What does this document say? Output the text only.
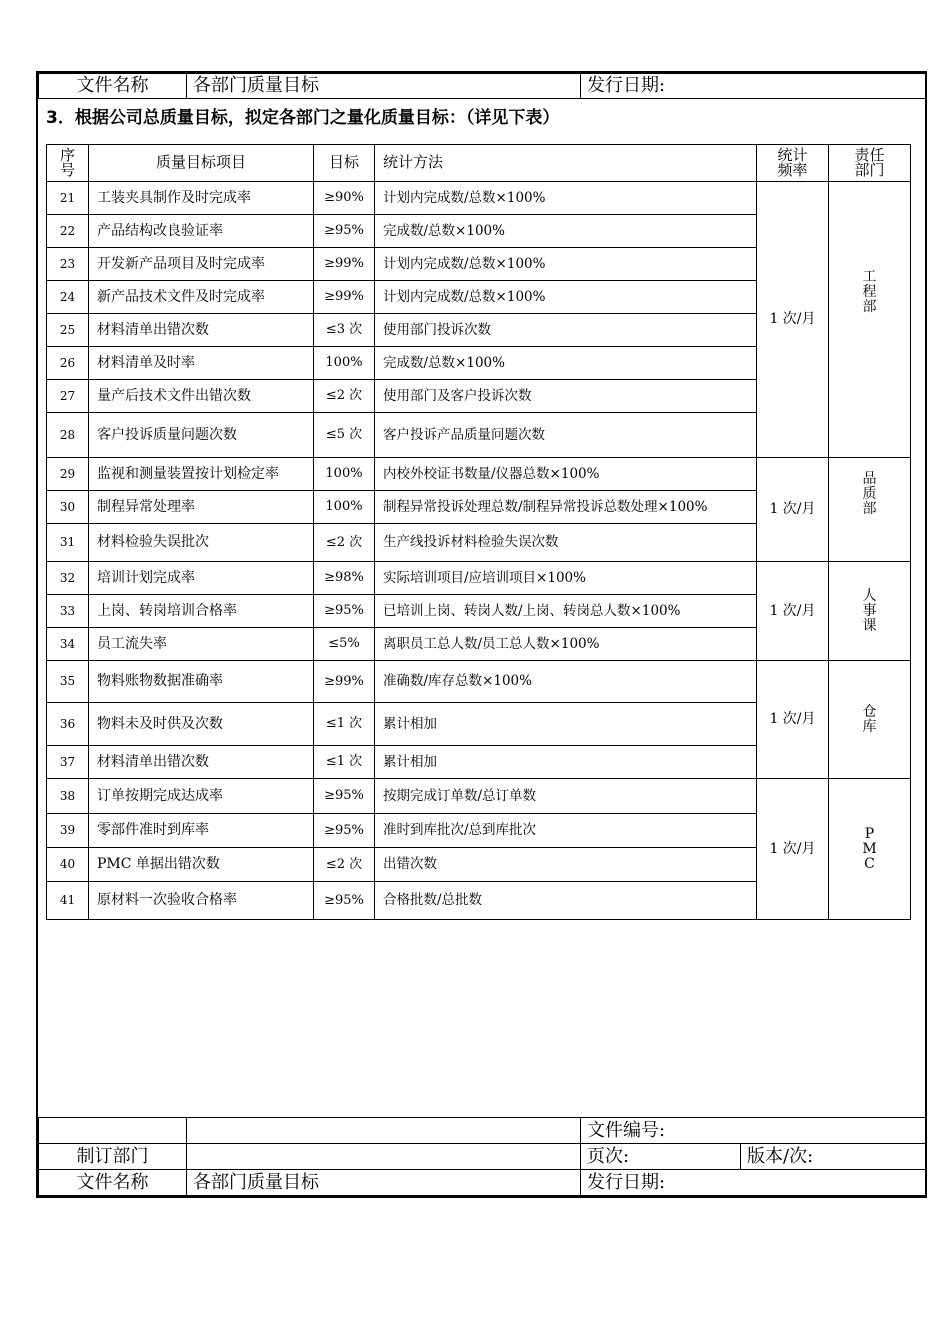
文件名称	各部门质量目标	发行日期:
3．根据公司总质量目标，拟定各部门之量化质量目标：（详见下表）
序号	质量目标项目	目标	统计方法	统计频率	责任部门
21	工装夹具制作及时完成率	≥90%	计划内完成数/总数×100%	1 次/月	工程部
22	产品结构改良验证率	≥95%	完成数/总数×100%		
23	开发新产品项目及时完成率	≥99%	计划内完成数/总数×100%		
24	新产品技术文件及时完成率	≥99%	计划内完成数/总数×100%		
25	材料清单出错次数	≤3 次	使用部门投诉次数		
26	材料清单及时率	100%	完成数/总数×100%		
27	量产后技术文件出错次数	≤2 次	使用部门及客户投诉次数		
28	客户投诉质量问题次数	≤5 次	客户投诉产品质量问题次数		
29	监视和测量装置按计划检定率	100%	内校外校证书数量/仪器总数×100%	1 次/月	品质部
30	制程异常处理率	100%	制程异常投诉处理总数/制程异常投诉总数处理×100%		
31	材料检验失误批次	≤2 次	生产线投诉材料检验失误次数		
32	培训计划完成率	≥98%	实际培训项目/应培训项目×100%	1 次/月	人事课
33	上岗、转岗培训合格率	≥95%	已培训上岗、转岗人数/上岗、转岗总人数×100%		
34	员工流失率	≤5%	离职员工总人数/员工总人数×100%		
35	物料账物数据准确率	≥99%	准确数/库存总数×100%	1 次/月	仓库
36	物料未及时供及次数	≤1 次	累计相加		
37	材料清单出错次数	≤1 次	累计相加		
38	订单按期完成达成率	≥95%	按期完成订单数/总订单数	1 次/月	PMC
39	零部件准时到库率	≥95%	准时到库批次/总到库批次		
40	PMC 单据出错次数	≤2 次	出错次数		
41	原材料一次验收合格率	≥95%	合格批数/总批数		
		文件编号:	
制订部门		页次:	版本/次:
文件名称	各部门质量目标	发行日期:	
